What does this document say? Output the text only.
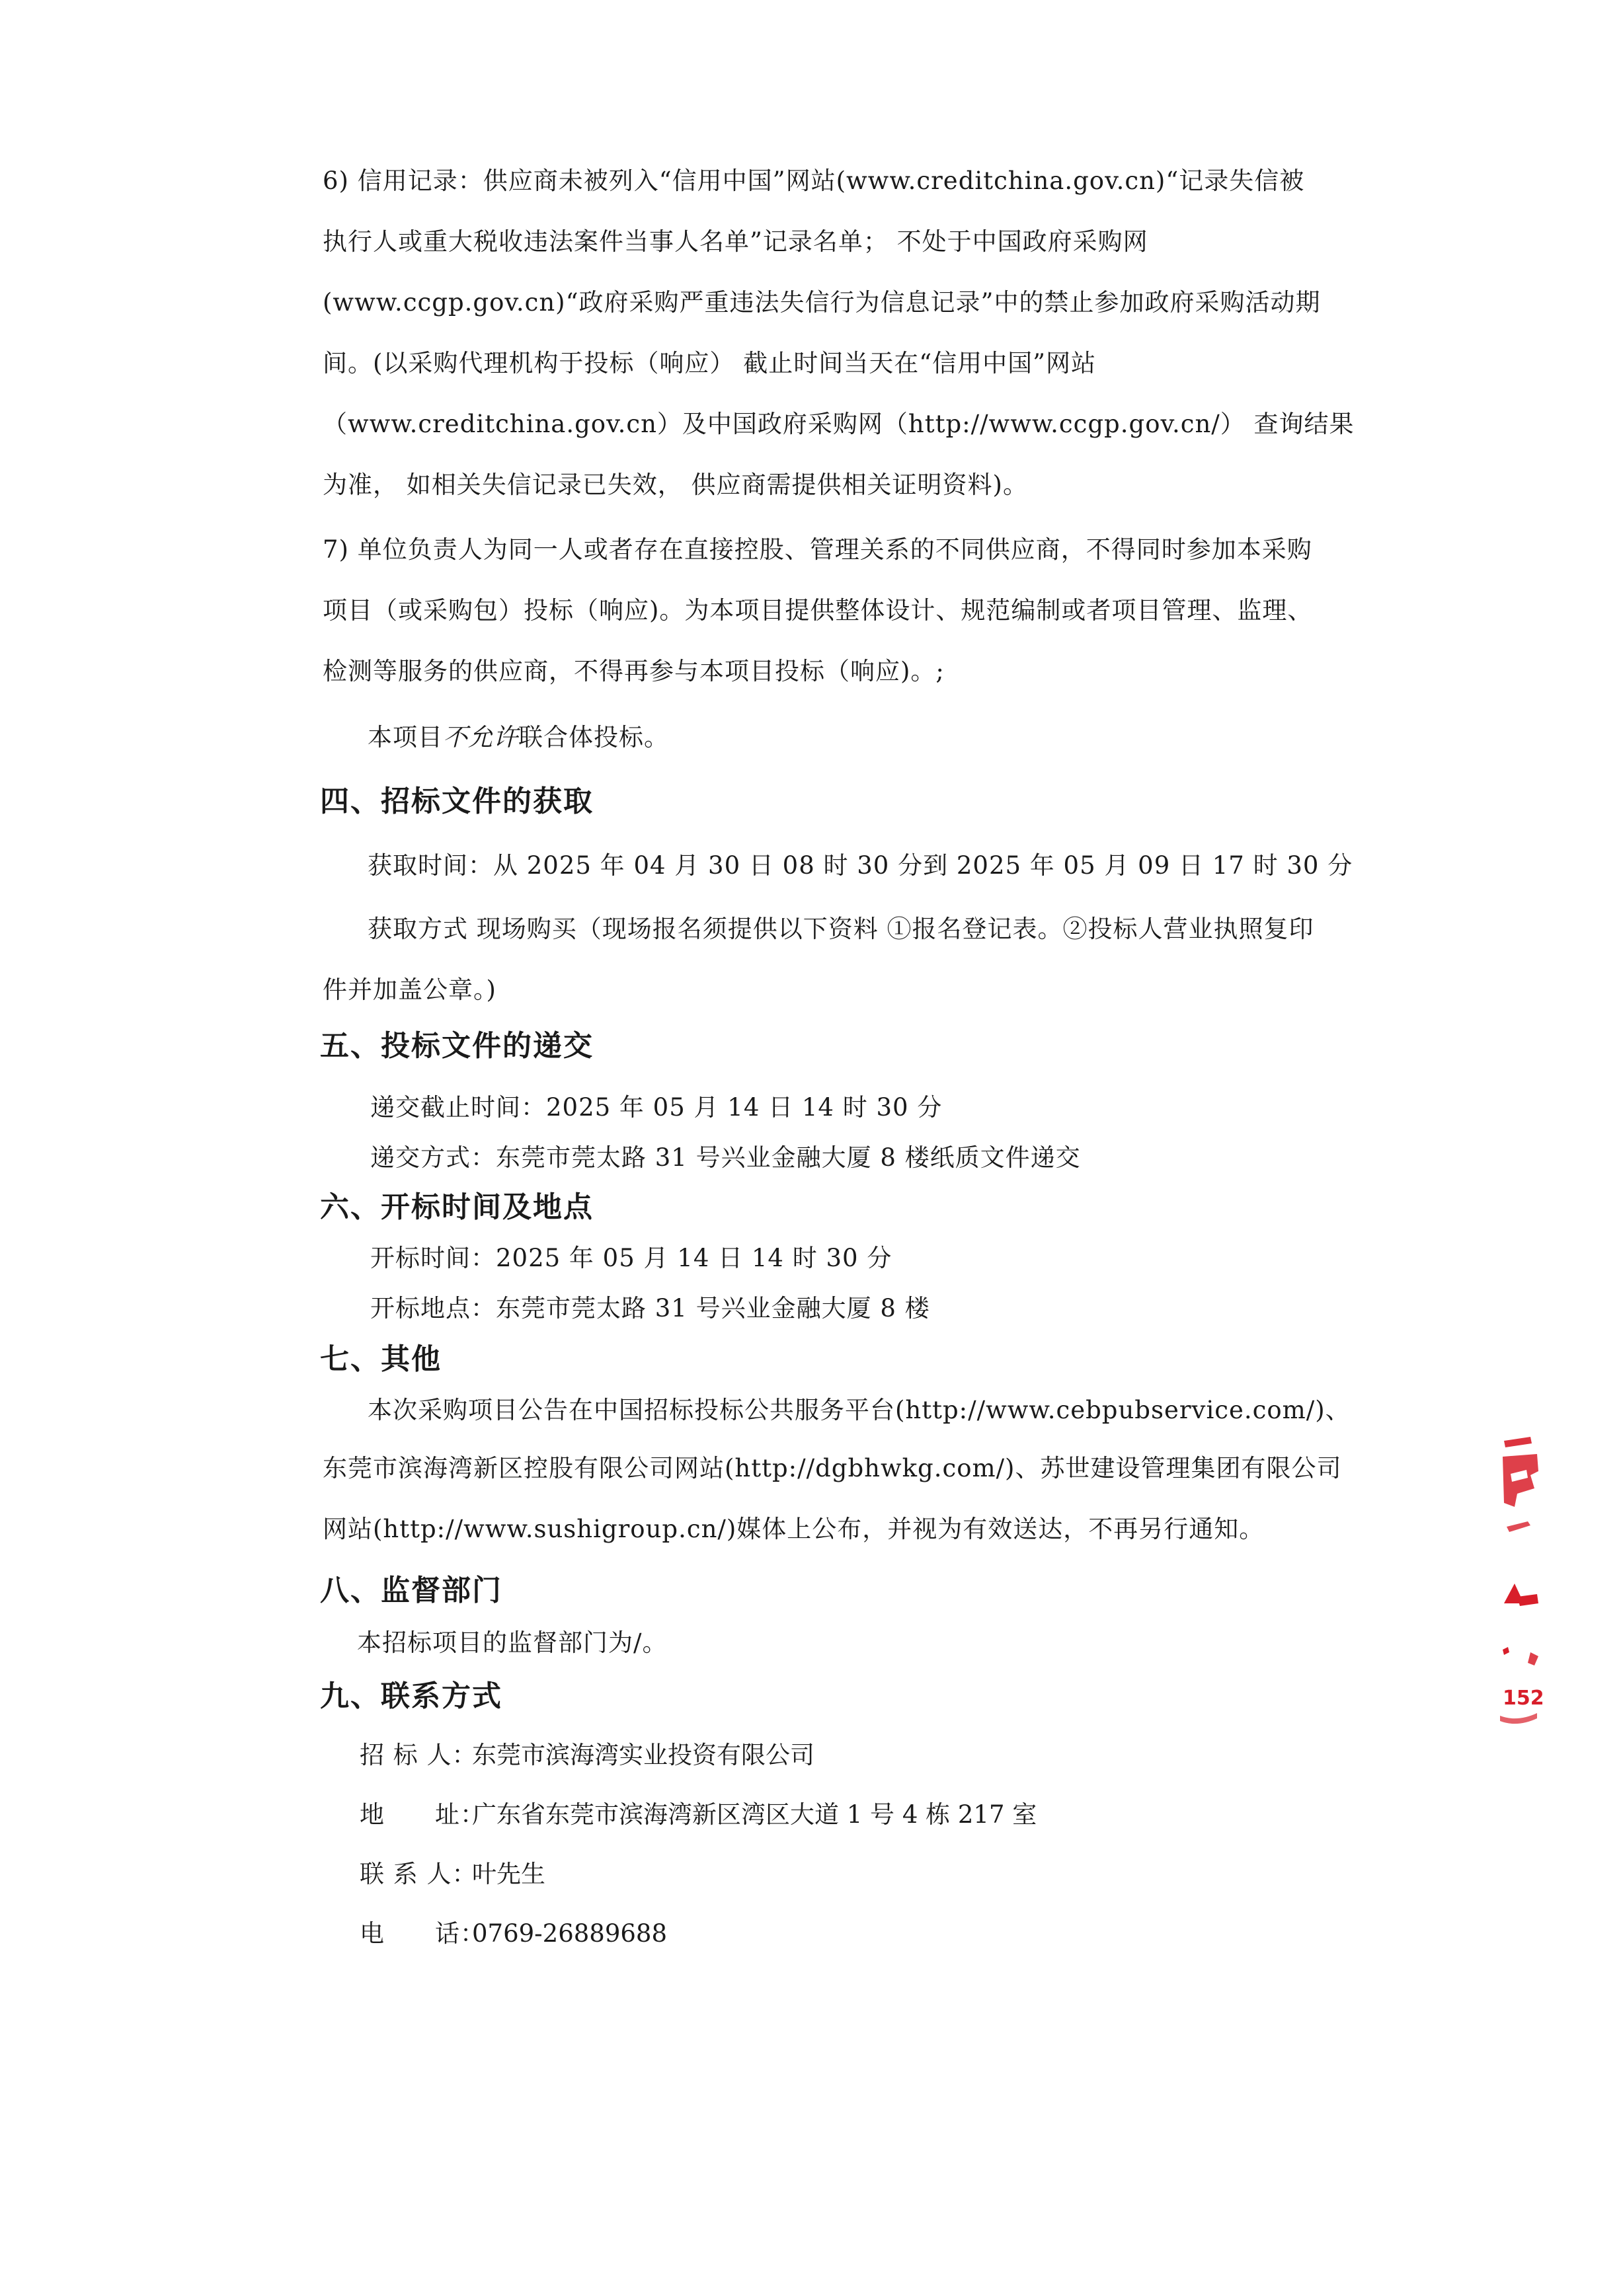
6) 信用记录：供应商未被列入“信用中国”网站(www.creditchina.gov.cn)“记录失信被
执行人或重大税收违法案件当事人名单”记录名单； 不处于中国政府采购网
(www.ccgp.gov.cn)“政府采购严重违法失信行为信息记录”中的禁止参加政府采购活动期
间。(以采购代理机构于投标（响应） 截止时间当天在“信用中国”网站
（www.creditchina.gov.cn）及中国政府采购网（http://www.ccgp.gov.cn/） 查询结果
为准， 如相关失信记录已失效， 供应商需提供相关证明资料)。
7) 单位负责人为同一人或者存在直接控股、管理关系的不同供应商，不得同时参加本采购
项目（或采购包）投标（响应)。为本项目提供整体设计、规范编制或者项目管理、监理、
检测等服务的供应商，不得再参与本项目投标（响应)。;
本项目不允许联合体投标。
四、招标文件的获取
获取时间：从 2025 年 04 月 30 日 08 时 30 分到 2025 年 05 月 09 日 17 时 30 分
获取方式 现场购买（现场报名须提供以下资料 ①报名登记表。②投标人营业执照复印
件并加盖公章。)
五、投标文件的递交
递交截止时间：2025 年 05 月 14 日 14 时 30 分
递交方式：东莞市莞太路 31 号兴业金融大厦 8 楼纸质文件递交
六、开标时间及地点
开标时间：2025 年 05 月 14 日 14 时 30 分
开标地点：东莞市莞太路 31 号兴业金融大厦 8 楼
七、其他
本次采购项目公告在中国招标投标公共服务平台(http://www.cebpubservice.com/)、
东莞市滨海湾新区控股有限公司网站(http://dgbhwkg.com/)、苏世建设管理集团有限公司
网站(http://www.sushigroup.cn/)媒体上公布，并视为有效送达，不再另行通知。
八、监督部门
本招标项目的监督部门为/。
九、联系方式
招 标 人：东莞市滨海湾实业投资有限公司
地　　址：广东省东莞市滨海湾新区湾区大道 1 号 4 栋 217 室
联 系 人：叶先生
电　　话：0769-26889688
152
